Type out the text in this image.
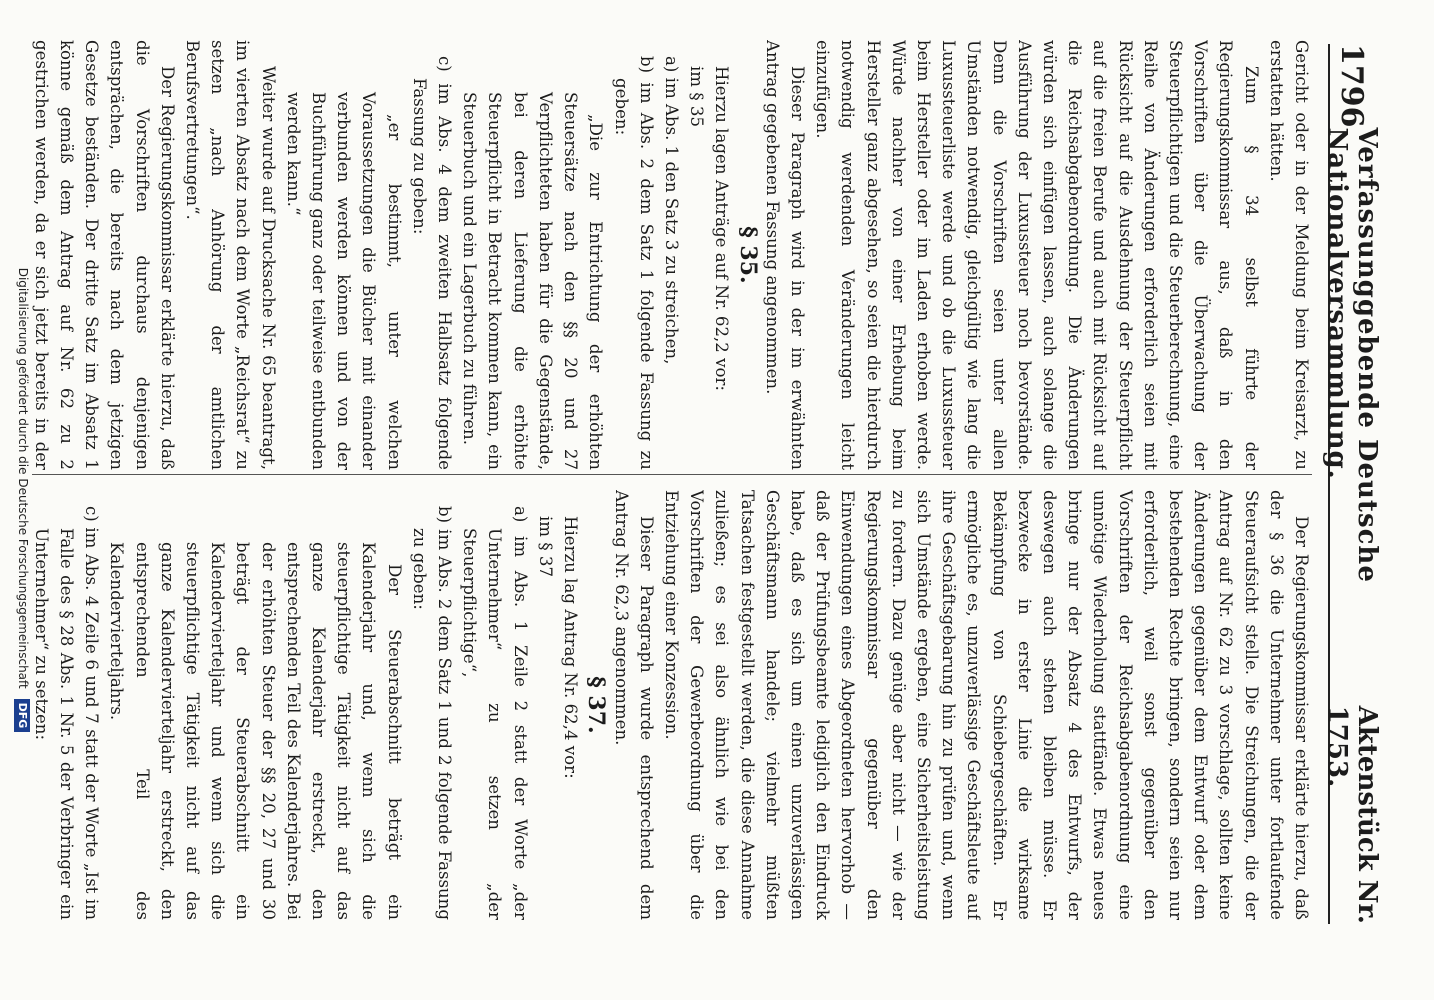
1796
Verfassunggebende Deutsche Nationalversammlung.
Aktenstück Nr. 1753.

Gericht oder in der Meldung beim Kreisarzt, zu erstatten hätten.

Zum § 34 selbst führte der Regierungskommissar aus, daß in den Vorschriften über die Überwachung der Steuerpflichtigen und die Steuerberechnung, eine Reihe von Änderungen erforderlich seien mit Rücksicht auf die Ausdehnung der Steuerpflicht auf die freien Berufe und auch mit Rücksicht auf die Reichsabgabenordnung. Die Änderungen würden sich einfügen lassen, auch solange die Ausführung der Luxussteuer noch bevorstände. Denn die Vorschriften seien unter allen Umständen notwendig, gleichgültig wie lang die Luxussteuerliste werde und ob die Luxussteuer beim Hersteller oder im Laden erhoben werde. Würde nachher von einer Erhebung beim Hersteller ganz abgesehen, so seien die hierdurch notwendig werdenden Veränderungen leicht einzufügen.

Dieser Paragraph wird in der im erwähnten Antrag gegebenen Fassung angenommen.

§ 35.

Hierzu lagen Anträge auf Nr. 62,2 vor:

im § 35

a) im Abs. 1 den Satz 3 zu streichen,

b) im Abs. 2 dem Satz 1 folgende Fassung zu geben:

„Die zur Entrichtung der erhöhten Steuersätze nach den §§ 20 und 27 Verpflichteten haben für die Gegenstände, bei deren Lieferung die erhöhte Steuerpflicht in Betracht kommen kann, ein Steuerbuch und ein Lagerbuch zu führen.

c) im Abs. 4 dem zweiten Halbsatz folgende Fassung zu geben:

„er bestimmt, unter welchen Voraussetzungen die Bücher mit einander verbunden werden können und von der Buchführung ganz oder teilweise entbunden werden kann.“

Weiter wurde auf Drucksache Nr. 65 beantragt, im vierten Absatz nach dem Worte „Reichsrat“ zu setzen „nach Anhörung der amtlichen Berufsvertretungen“.

Der Regierungskommissar erklärte hierzu, daß die Vorschriften durchaus denjenigen entsprächen, die bereits nach dem jetzigen Gesetze beständen. Der dritte Satz im Absatz 1 könne gemäß dem Antrag auf Nr. 62 zu 2 gestrichen werden, da er sich jetzt bereits in der

Der Regierungskommissar erklärte hierzu, daß der § 36 die Unternehmer unter fortlaufende Steueraufsicht stelle. Die Streichungen, die der Antrag auf Nr. 62 zu 3 vorschlage, sollten keine Änderungen gegenüber dem Entwurf oder dem bestehenden Rechte bringen, sondern seien nur erforderlich, weil sonst gegenüber den Vorschriften der Reichsabgabenordnung eine unnötige Wiederholung stattfände. Etwas neues bringe nur der Absatz 4 des Entwurfs, der deswegen auch stehen bleiben müsse. Er bezwecke in erster Linie die wirksame Bekämpfung von Schiebergeschäften. Er ermögliche es, unzuverlässige Geschäftsleute auf ihre Geschäftsgebarung hin zu prüfen und, wenn sich Umstände ergeben, eine Sicherheitsleistung zu fordern. Dazu genüge aber nicht — wie der Regierungskommissar gegenüber den Einwendungen eines Abgeordneten hervorhob — daß der Prüfungsbeamte lediglich den Eindruck habe, daß es sich um einen unzuverlässigen Geschäftsmann handele; vielmehr müßten Tatsachen festgestellt werden, die diese Annahme zuließen; es sei also ähnlich wie bei den Vorschriften der Gewerbeordnung über die Entziehung einer Konzession.

Dieser Paragraph wurde entsprechend dem Antrag Nr. 62,3 angenommen.

§ 37.

Hierzu lag Antrag Nr. 62,4 vor:

im § 37

a) im Abs. 1 Zeile 2 statt der Worte „der Unternehmer“ zu setzen „der Steuerpflichtige“,

b) im Abs. 2 dem Satz 1 und 2 folgende Fassung zu geben:

Der Steuerabschnitt beträgt ein Kalenderjahr und, wenn sich die steuerpflichtige Tätigkeit nicht auf das ganze Kalenderjahr erstreckt, den entsprechenden Teil des Kalenderjahres. Bei der erhöhten Steuer der §§ 20, 27 und 30 beträgt der Steuerabschnitt ein Kalendervierteljahr und wenn sich die steuerpflichtige Tätigkeit nicht auf das ganze Kalendervierteljahr erstreckt, den entsprechenden Teil des Kalendervierteljahrs.

c) im Abs. 4 Zeile 6 und 7 statt der Worte „Ist im Falle des § 28 Abs. 1 Nr. 5 der Verbringer ein Unternehmer“ zu setzen:

Digitalisierung gefördert durch die Deutsche Forschungsgemeinschaft DFG
